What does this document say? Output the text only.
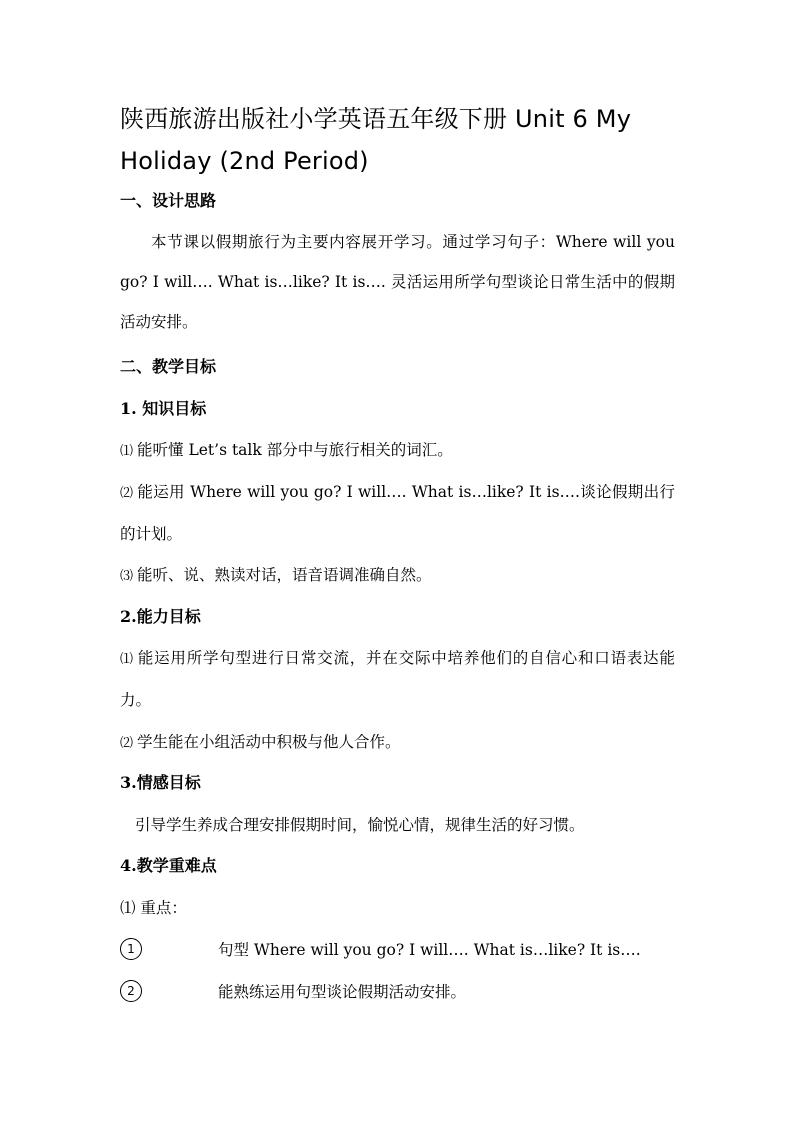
陕西旅游出版社小学英语五年级下册 Unit 6 My Holiday (2nd Period)
一、设计思路
本节课以假期旅行为主要内容展开学习。通过学习句子：Where will you go? I will…. What is…like? It is…. 灵活运用所学句型谈论日常生活中的假期活动安排。
二、教学目标
1. 知识目标
⑴ 能听懂 Let’s talk 部分中与旅行相关的词汇。
⑵ 能运用 Where will you go? I will…. What is…like? It is….谈论假期出行的计划。
⑶ 能听、说、熟读对话，语音语调准确自然。
2.能力目标
⑴ 能运用所学句型进行日常交流，并在交际中培养他们的自信心和口语表达能力。
⑵ 学生能在小组活动中积极与他人合作。
3.情感目标
引导学生养成合理安排假期时间，愉悦心情，规律生活的好习惯。
4.教学重难点
⑴ 重点：
1	句型 Where will you go? I will…. What is…like? It is….
2	能熟练运用句型谈论假期活动安排。
